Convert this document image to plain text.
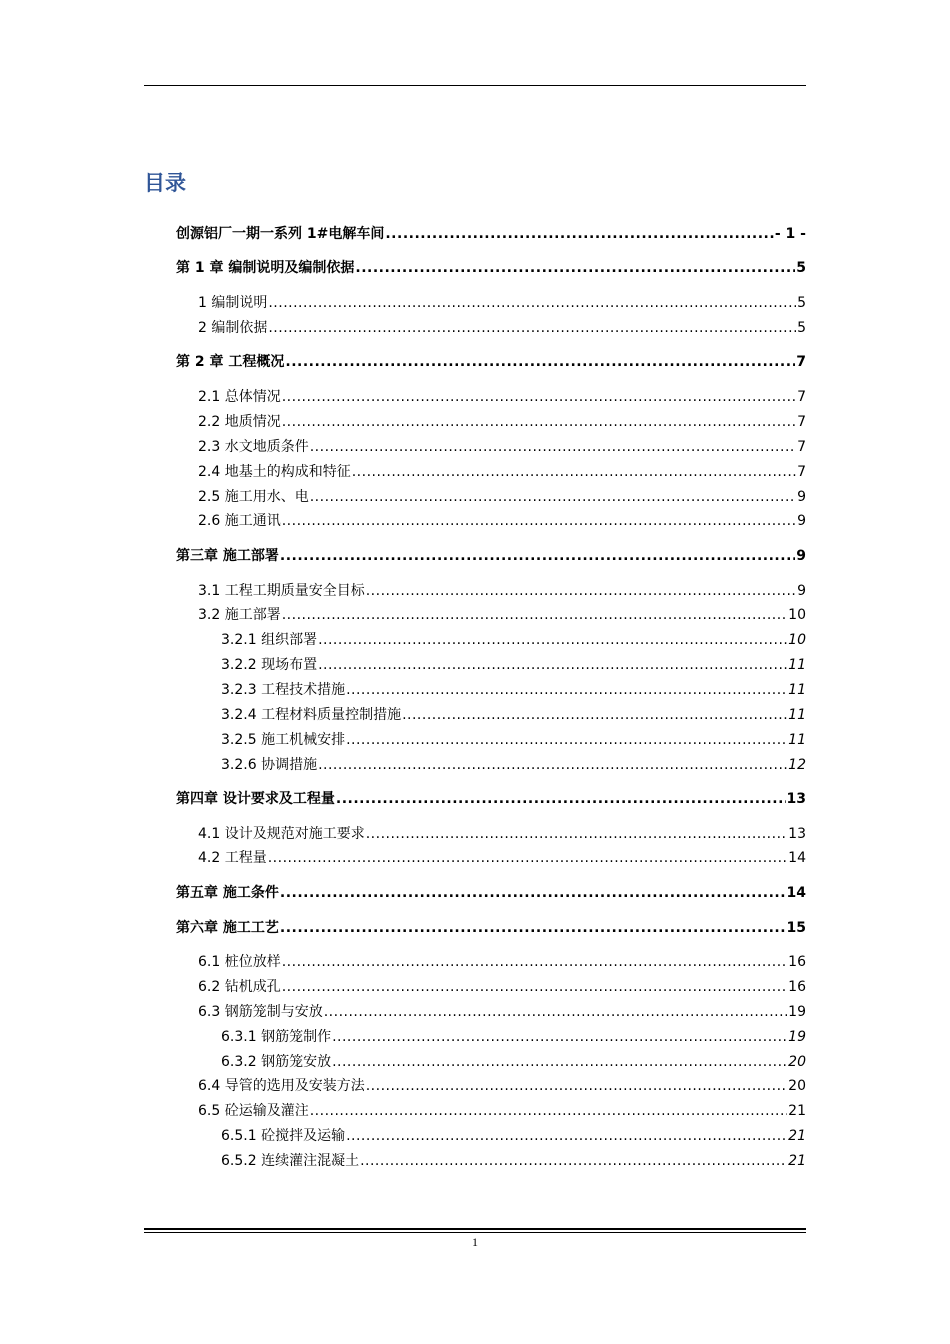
目录
创源铝厂一期一系列 1#电解车间 .....	- 1 -
第 1 章 编制说明及编制依据 .....	5
1 编制说明 .....	5
2 编制依据 .....	5
第 2 章 工程概况 .....	7
2.1 总体情况 .....	7
2.2 地质情况 .....	7
2.3 水文地质条件 .....	7
2.4 地基土的构成和特征 .....	7
2.5 施工用水、电 .....	9
2.6 施工通讯 .....	9
第三章 施工部署 .....	9
3.1 工程工期质量安全目标 .....	9
3.2 施工部署 .....	10
3.2.1 组织部署 .....	10
3.2.2 现场布置 .....	11
3.2.3 工程技术措施 .....	11
3.2.4 工程材料质量控制措施 .....	11
3.2.5 施工机械安排 .....	11
3.2.6 协调措施 .....	12
第四章 设计要求及工程量 .....	13
4.1 设计及规范对施工要求 .....	13
4.2 工程量 .....	14
第五章 施工条件 .....	14
第六章 施工工艺 .....	15
6.1 桩位放样 .....	16
6.2 钻机成孔 .....	16
6.3 钢筋笼制与安放 .....	19
6.3.1 钢筋笼制作 .....	19
6.3.2 钢筋笼安放 .....	20
6.4 导管的选用及安装方法 .....	20
6.5 砼运输及灌注 .....	21
6.5.1 砼搅拌及运输 .....	21
6.5.2 连续灌注混凝土 .....	21
1
